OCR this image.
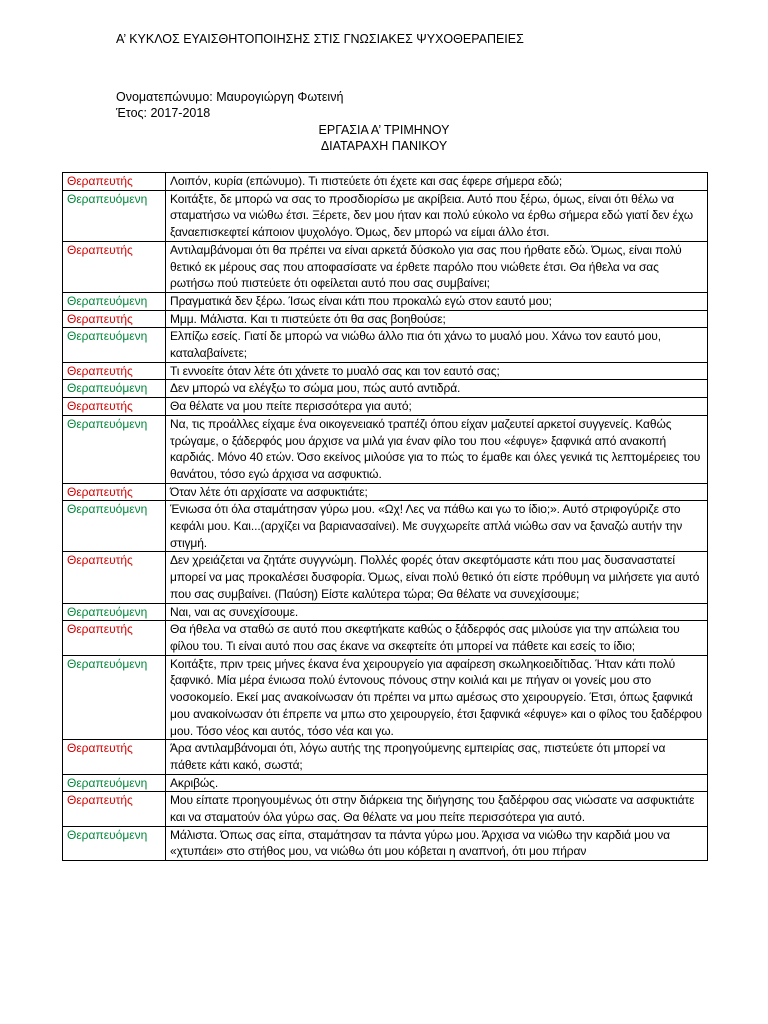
Α’ ΚΥΚΛΟΣ ΕΥΑΙΣΘΗΤΟΠΟΙΗΣΗΣ ΣΤΙΣ ΓΝΩΣΙΑΚΕΣ ΨΥΧΟΘΕΡΑΠΕΙΕΣ
Ονοματεπώνυμο: Μαυρογιώργη Φωτεινή
Έτος: 2017-2018
ΕΡΓΑΣΙΑ Α’ ΤΡΙΜΗΝΟΥ
ΔΙΑΤΑΡΑΧΗ ΠΑΝΙΚΟΥ
Θεραπευτής	Λοιπόν, κυρία (επώνυμο). Τι πιστεύετε ότι έχετε και σας έφερε σήμερα εδώ;
Θεραπευόμενη	Κοιτάξτε, δε μπορώ να σας το προσδιορίσω με ακρίβεια. Αυτό που ξέρω, όμως, είναι ότι θέλω να σταματήσω να νιώθω έτσι. Ξέρετε, δεν μου ήταν και πολύ εύκολο να έρθω σήμερα εδώ γιατί δεν έχω ξαναεπισκεφτεί κάποιον ψυχολόγο. Όμως, δεν μπορώ να είμαι άλλο έτσι.
Θεραπευτής	Αντιλαμβάνομαι ότι θα πρέπει να είναι αρκετά δύσκολο για σας που ήρθατε εδώ. Όμως, είναι πολύ θετικό εκ μέρους σας που αποφασίσατε να έρθετε παρόλο που νιώθετε έτσι. Θα ήθελα να σας ρωτήσω πού πιστεύετε ότι οφείλεται αυτό που σας συμβαίνει;
Θεραπευόμενη	Πραγματικά δεν ξέρω. Ίσως είναι κάτι που προκαλώ εγώ στον εαυτό μου;
Θεραπευτής	Μμμ. Μάλιστα. Και τι πιστεύετε ότι θα σας βοηθούσε;
Θεραπευόμενη	Ελπίζω εσείς. Γιατί δε μπορώ να νιώθω άλλο πια ότι χάνω το μυαλό μου. Χάνω τον εαυτό μου, καταλαβαίνετε;
Θεραπευτής	Τι εννοείτε όταν λέτε ότι χάνετε το μυαλό σας και τον εαυτό σας;
Θεραπευόμενη	Δεν μπορώ να ελέγξω το σώμα μου, πώς αυτό αντιδρά.
Θεραπευτής	Θα θέλατε να μου πείτε περισσότερα για αυτό;
Θεραπευόμενη	Να, τις προάλλες είχαμε ένα οικογενειακό τραπέζι όπου είχαν μαζευτεί αρκετοί συγγενείς. Καθώς τρώγαμε, ο ξάδερφός μου άρχισε να μιλά για έναν φίλο του που «έφυγε» ξαφνικά από ανακοπή καρδιάς. Μόνο 40 ετών. Όσο εκείνος μιλούσε για το πώς το έμαθε και όλες γενικά τις λεπτομέρειες του θανάτου, τόσο εγώ άρχισα να ασφυκτιώ.
Θεραπευτής	Όταν λέτε ότι αρχίσατε να ασφυκτιάτε;
Θεραπευόμενη	Ένιωσα ότι όλα σταμάτησαν γύρω μου. «Ωχ! Λες να πάθω και γω το ίδιο;». Αυτό στριφογύριζε στο κεφάλι μου. Και...(αρχίζει να βαριανασαίνει). Με συγχωρείτε απλά νιώθω σαν να ξαναζώ αυτήν την στιγμή.
Θεραπευτής	Δεν χρειάζεται να ζητάτε συγγνώμη. Πολλές φορές όταν σκεφτόμαστε κάτι που μας δυσαναστατεί μπορεί να μας προκαλέσει δυσφορία. Όμως, είναι πολύ θετικό ότι είστε πρόθυμη να μιλήσετε για αυτό που σας συμβαίνει. (Παύση) Είστε καλύτερα τώρα; Θα θέλατε να συνεχίσουμε;
Θεραπευόμενη	Ναι, ναι ας συνεχίσουμε.
Θεραπευτής	Θα ήθελα να σταθώ σε αυτό που σκεφτήκατε καθώς ο ξάδερφός σας μιλούσε για την απώλεια του φίλου του. Τι είναι αυτό που σας έκανε να σκεφτείτε ότι μπορεί να πάθετε και εσείς το ίδιο;
Θεραπευόμενη	Κοιτάξτε, πριν τρεις μήνες έκανα ένα χειρουργείο για αφαίρεση σκωληκοειδίτιδας. Ήταν κάτι πολύ ξαφνικό. Μία μέρα ένιωσα πολύ έντονους πόνους στην κοιλιά και με πήγαν οι γονείς μου στο νοσοκομείο. Εκεί μας ανακοίνωσαν ότι πρέπει να μπω αμέσως στο χειρουργείο. Έτσι, όπως ξαφνικά μου ανακοίνωσαν ότι έπρεπε να μπω στο χειρουργείο, έτσι ξαφνικά «έφυγε» και ο φίλος του ξαδέρφου μου. Τόσο νέος και αυτός, τόσο νέα και γω.
Θεραπευτής	Άρα αντιλαμβάνομαι ότι, λόγω αυτής της προηγούμενης εμπειρίας σας, πιστεύετε ότι μπορεί να πάθετε κάτι κακό, σωστά;
Θεραπευόμενη	Ακριβώς.
Θεραπευτής	Μου είπατε προηγουμένως ότι στην διάρκεια της διήγησης του ξαδέρφου σας νιώσατε να ασφυκτιάτε και να σταματούν όλα γύρω σας. Θα θέλατε να μου πείτε περισσότερα για αυτό.
Θεραπευόμενη	Μάλιστα. Όπως σας είπα, σταμάτησαν τα πάντα γύρω μου. Άρχισα να νιώθω την καρδιά μου να «χτυπάει» στο στήθος μου, να νιώθω ότι μου κόβεται η αναπνοή, ότι μου πήραν
